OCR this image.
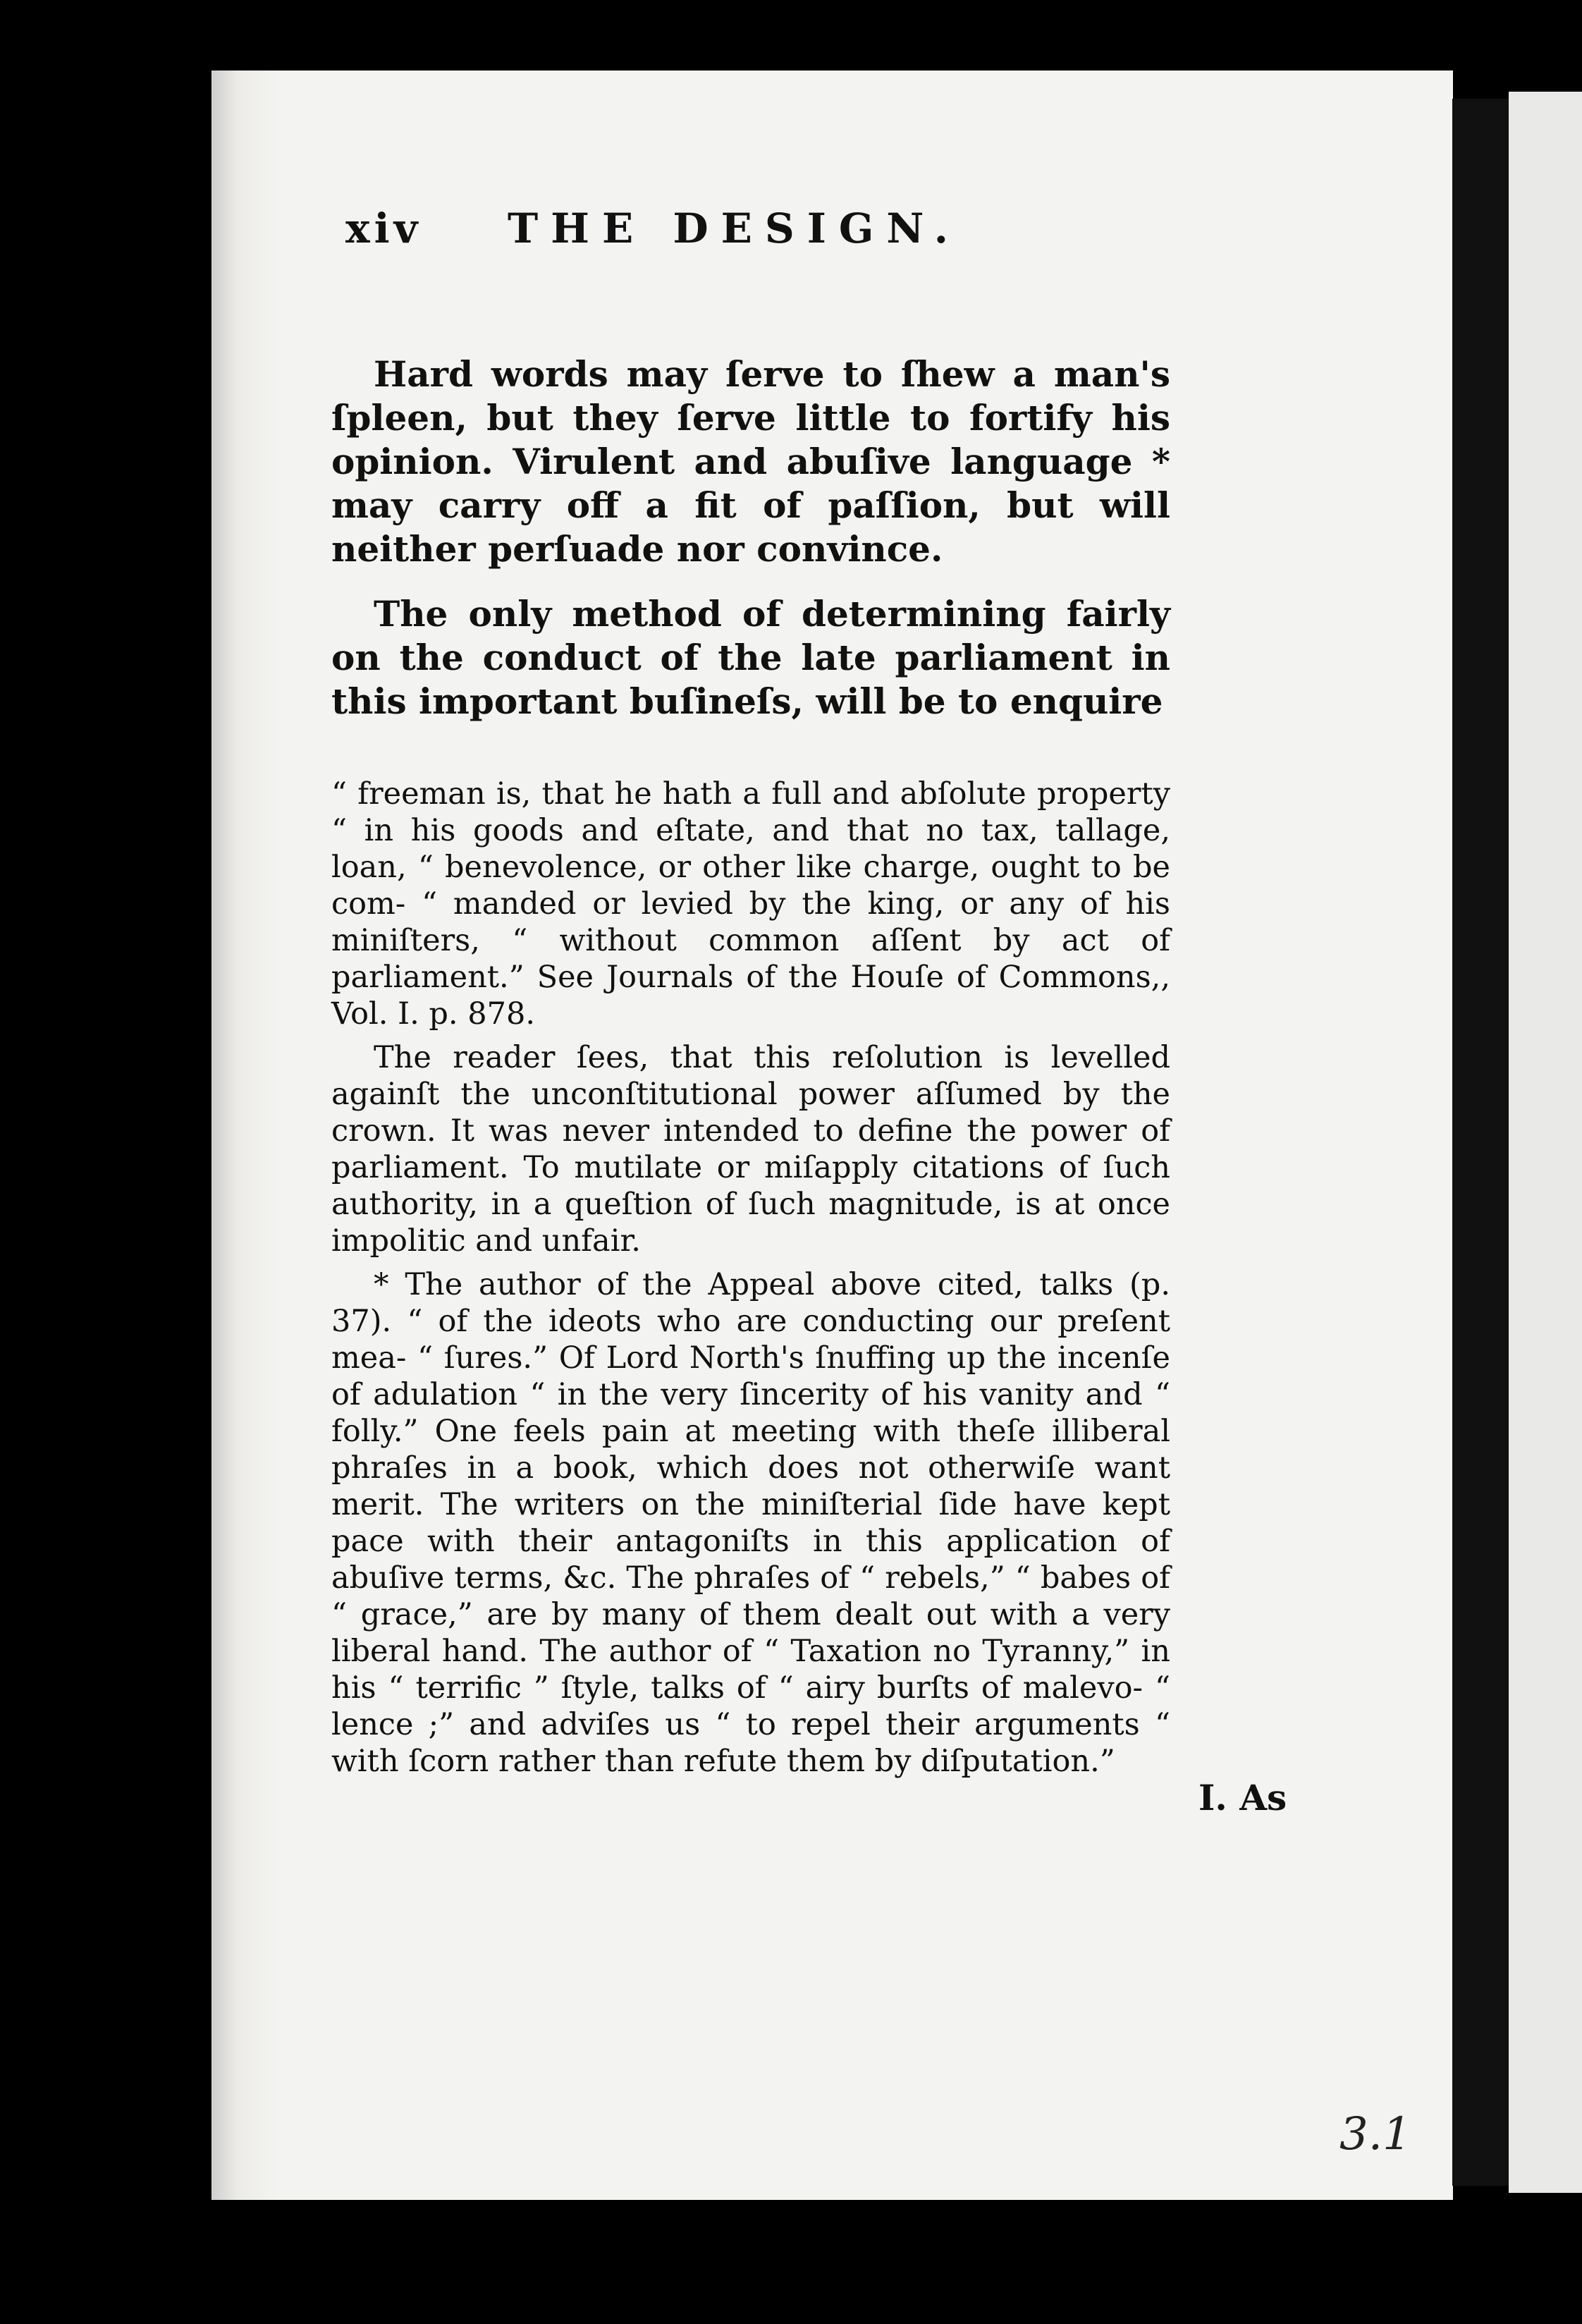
xiv THE DESIGN.

Hard words may ſerve to ſhew a man's ſpleen, but they ſerve little to fortify his opinion. Virulent and abuſive language * may carry off a fit of paſſion, but will neither perſuade nor convince.

The only method of determining fairly on the conduct of the late parliament in this important buſineſs, will be to enquire

“ freeman is, that he hath a full and abſolute property “ in his goods and eſtate, and that no tax, tallage, loan, “ benevolence, or other like charge, ought to be com- “ manded or levied by the king, or any of his miniſters, “ without common aſſent by act of parliament.” See Journals of the Houſe of Commons,, Vol. I. p. 878.

The reader ſees, that this reſolution is levelled againſt the unconſtitutional power aſſumed by the crown. It was never intended to define the power of parliament. To mutilate or miſapply citations of ſuch authority, in a queſtion of ſuch magnitude, is at once impolitic and unfair.

* The author of the Appeal above cited, talks (p. 37). “ of the ideots who are conducting our preſent mea- “ ſures.” Of Lord North's ſnuffing up the incenſe of adulation “ in the very ſincerity of his vanity and “ folly.” One feels pain at meeting with theſe illiberal phraſes in a book, which does not otherwiſe want merit. The writers on the miniſterial ſide have kept pace with their antagoniſts in this application of abuſive terms, &c. The phraſes of “ rebels,” “ babes of “ grace,” are by many of them dealt out with a very liberal hand. The author of “ Taxation no Tyranny,” in his “ terrific ” ſtyle, talks of “ airy burſts of malevo- “ lence ;” and adviſes us “ to repel their arguments “ with ſcorn rather than refute them by diſputation.”

I. As
3.1
